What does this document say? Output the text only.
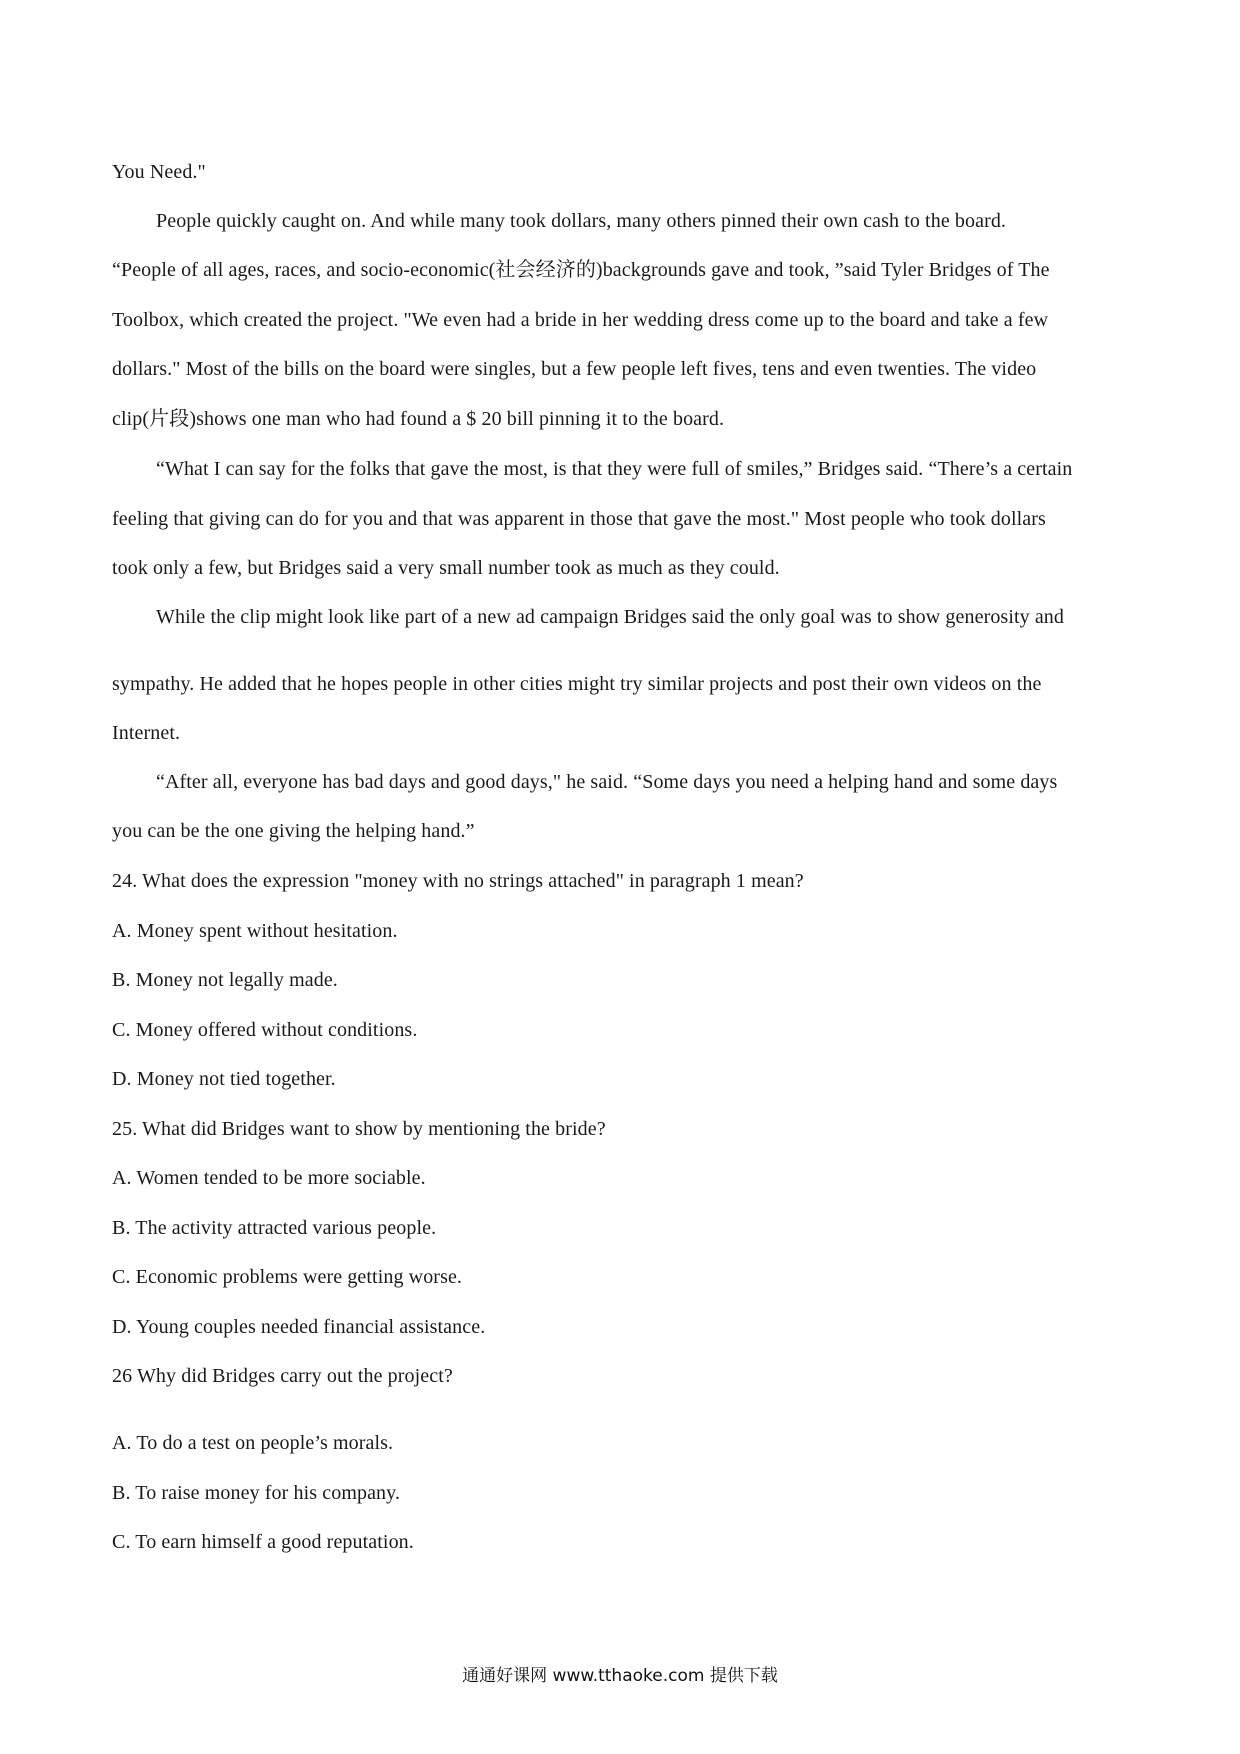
You Need."
People quickly caught on. And while many took dollars, many others pinned their own cash to the board.
“People of all ages, races, and socio-economic(社会经济的)backgrounds gave and took, ”said Tyler Bridges of The
Toolbox, which created the project. "We even had a bride in her wedding dress come up to the board and take a few
dollars." Most of the bills on the board were singles, but a few people left fives, tens and even twenties. The video
clip(片段)shows one man who had found a $ 20 bill pinning it to the board.
“What I can say for the folks that gave the most, is that they were full of smiles,” Bridges said. “There’s a certain
feeling that giving can do for you and that was apparent in those that gave the most." Most people who took dollars
took only a few, but Bridges said a very small number took as much as they could.
While the clip might look like part of a new ad campaign Bridges said the only goal was to show generosity and
sympathy. He added that he hopes people in other cities might try similar projects and post their own videos on the
Internet.
“After all, everyone has bad days and good days," he said. “Some days you need a helping hand and some days
you can be the one giving the helping hand.”
24. What does the expression "money with no strings attached" in paragraph 1 mean?
A. Money spent without hesitation.
B. Money not legally made.
C. Money offered without conditions.
D. Money not tied together.
25. What did Bridges want to show by mentioning the bride?
A. Women tended to be more sociable.
B. The activity attracted various people.
C. Economic problems were getting worse.
D. Young couples needed financial assistance.
26 Why did Bridges carry out the project?
A. To do a test on people’s morals.
B. To raise money for his company.
C. To earn himself a good reputation.
通通好课网 www.tthaoke.com 提供下载
